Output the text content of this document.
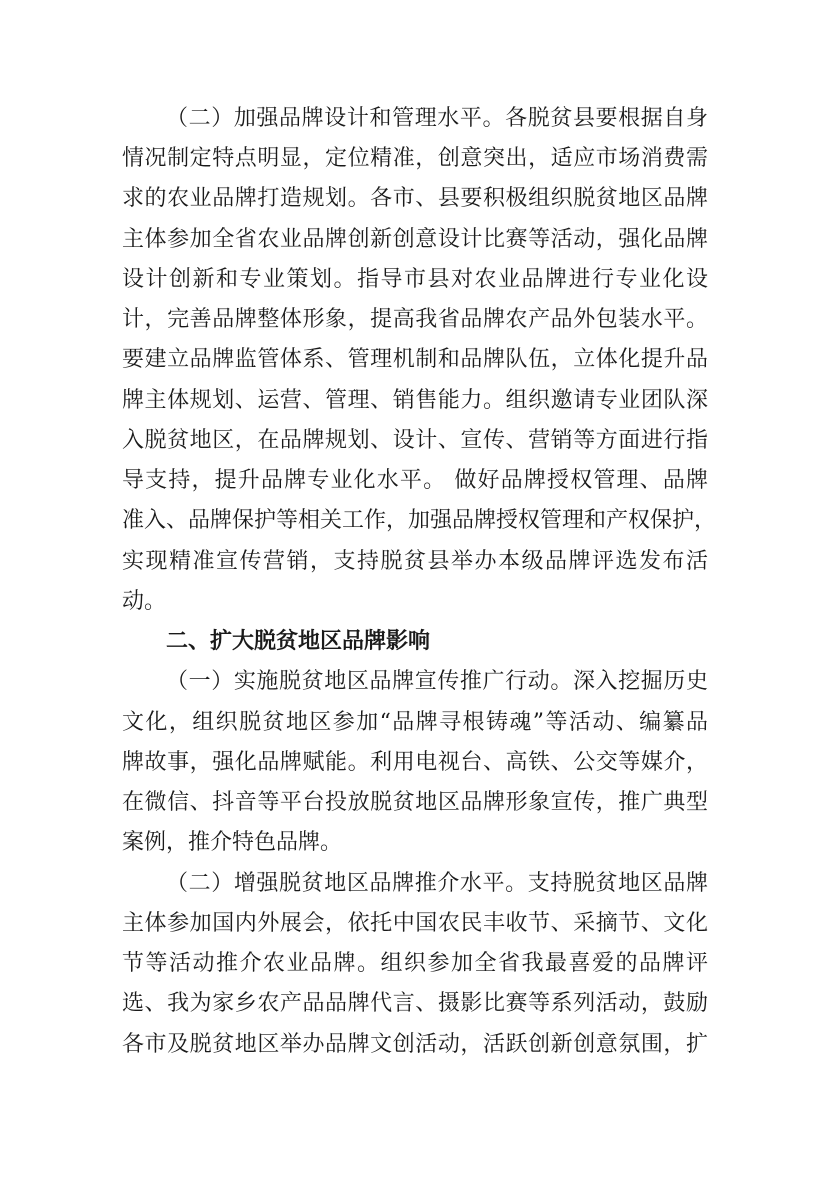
（二）加强品牌设计和管理水平。各脱贫县要根据自身
情况制定特点明显，定位精准，创意突出，适应市场消费需
求的农业品牌打造规划。各市、县要积极组织脱贫地区品牌
主体参加全省农业品牌创新创意设计比赛等活动，强化品牌
设计创新和专业策划。指导市县对农业品牌进行专业化设
计，完善品牌整体形象，提高我省品牌农产品外包装水平。
要建立品牌监管体系、管理机制和品牌队伍，立体化提升品
牌主体规划、运营、管理、销售能力。组织邀请专业团队深
入脱贫地区，在品牌规划、设计、宣传、营销等方面进行指
导支持，提升品牌专业化水平。 做好品牌授权管理、品牌
准入、品牌保护等相关工作，加强品牌授权管理和产权保护，
实现精准宣传营销，支持脱贫县举办本级品牌评选发布活
动。
二、扩大脱贫地区品牌影响
（一）实施脱贫地区品牌宣传推广行动。深入挖掘历史
文化，组织脱贫地区参加“品牌寻根铸魂”等活动、编纂品
牌故事，强化品牌赋能。利用电视台、高铁、公交等媒介，
在微信、抖音等平台投放脱贫地区品牌形象宣传，推广典型
案例，推介特色品牌。
（二）增强脱贫地区品牌推介水平。支持脱贫地区品牌
主体参加国内外展会，依托中国农民丰收节、采摘节、文化
节等活动推介农业品牌。组织参加全省我最喜爱的品牌评
选、我为家乡农产品品牌代言、摄影比赛等系列活动，鼓励
各市及脱贫地区举办品牌文创活动，活跃创新创意氛围，扩
